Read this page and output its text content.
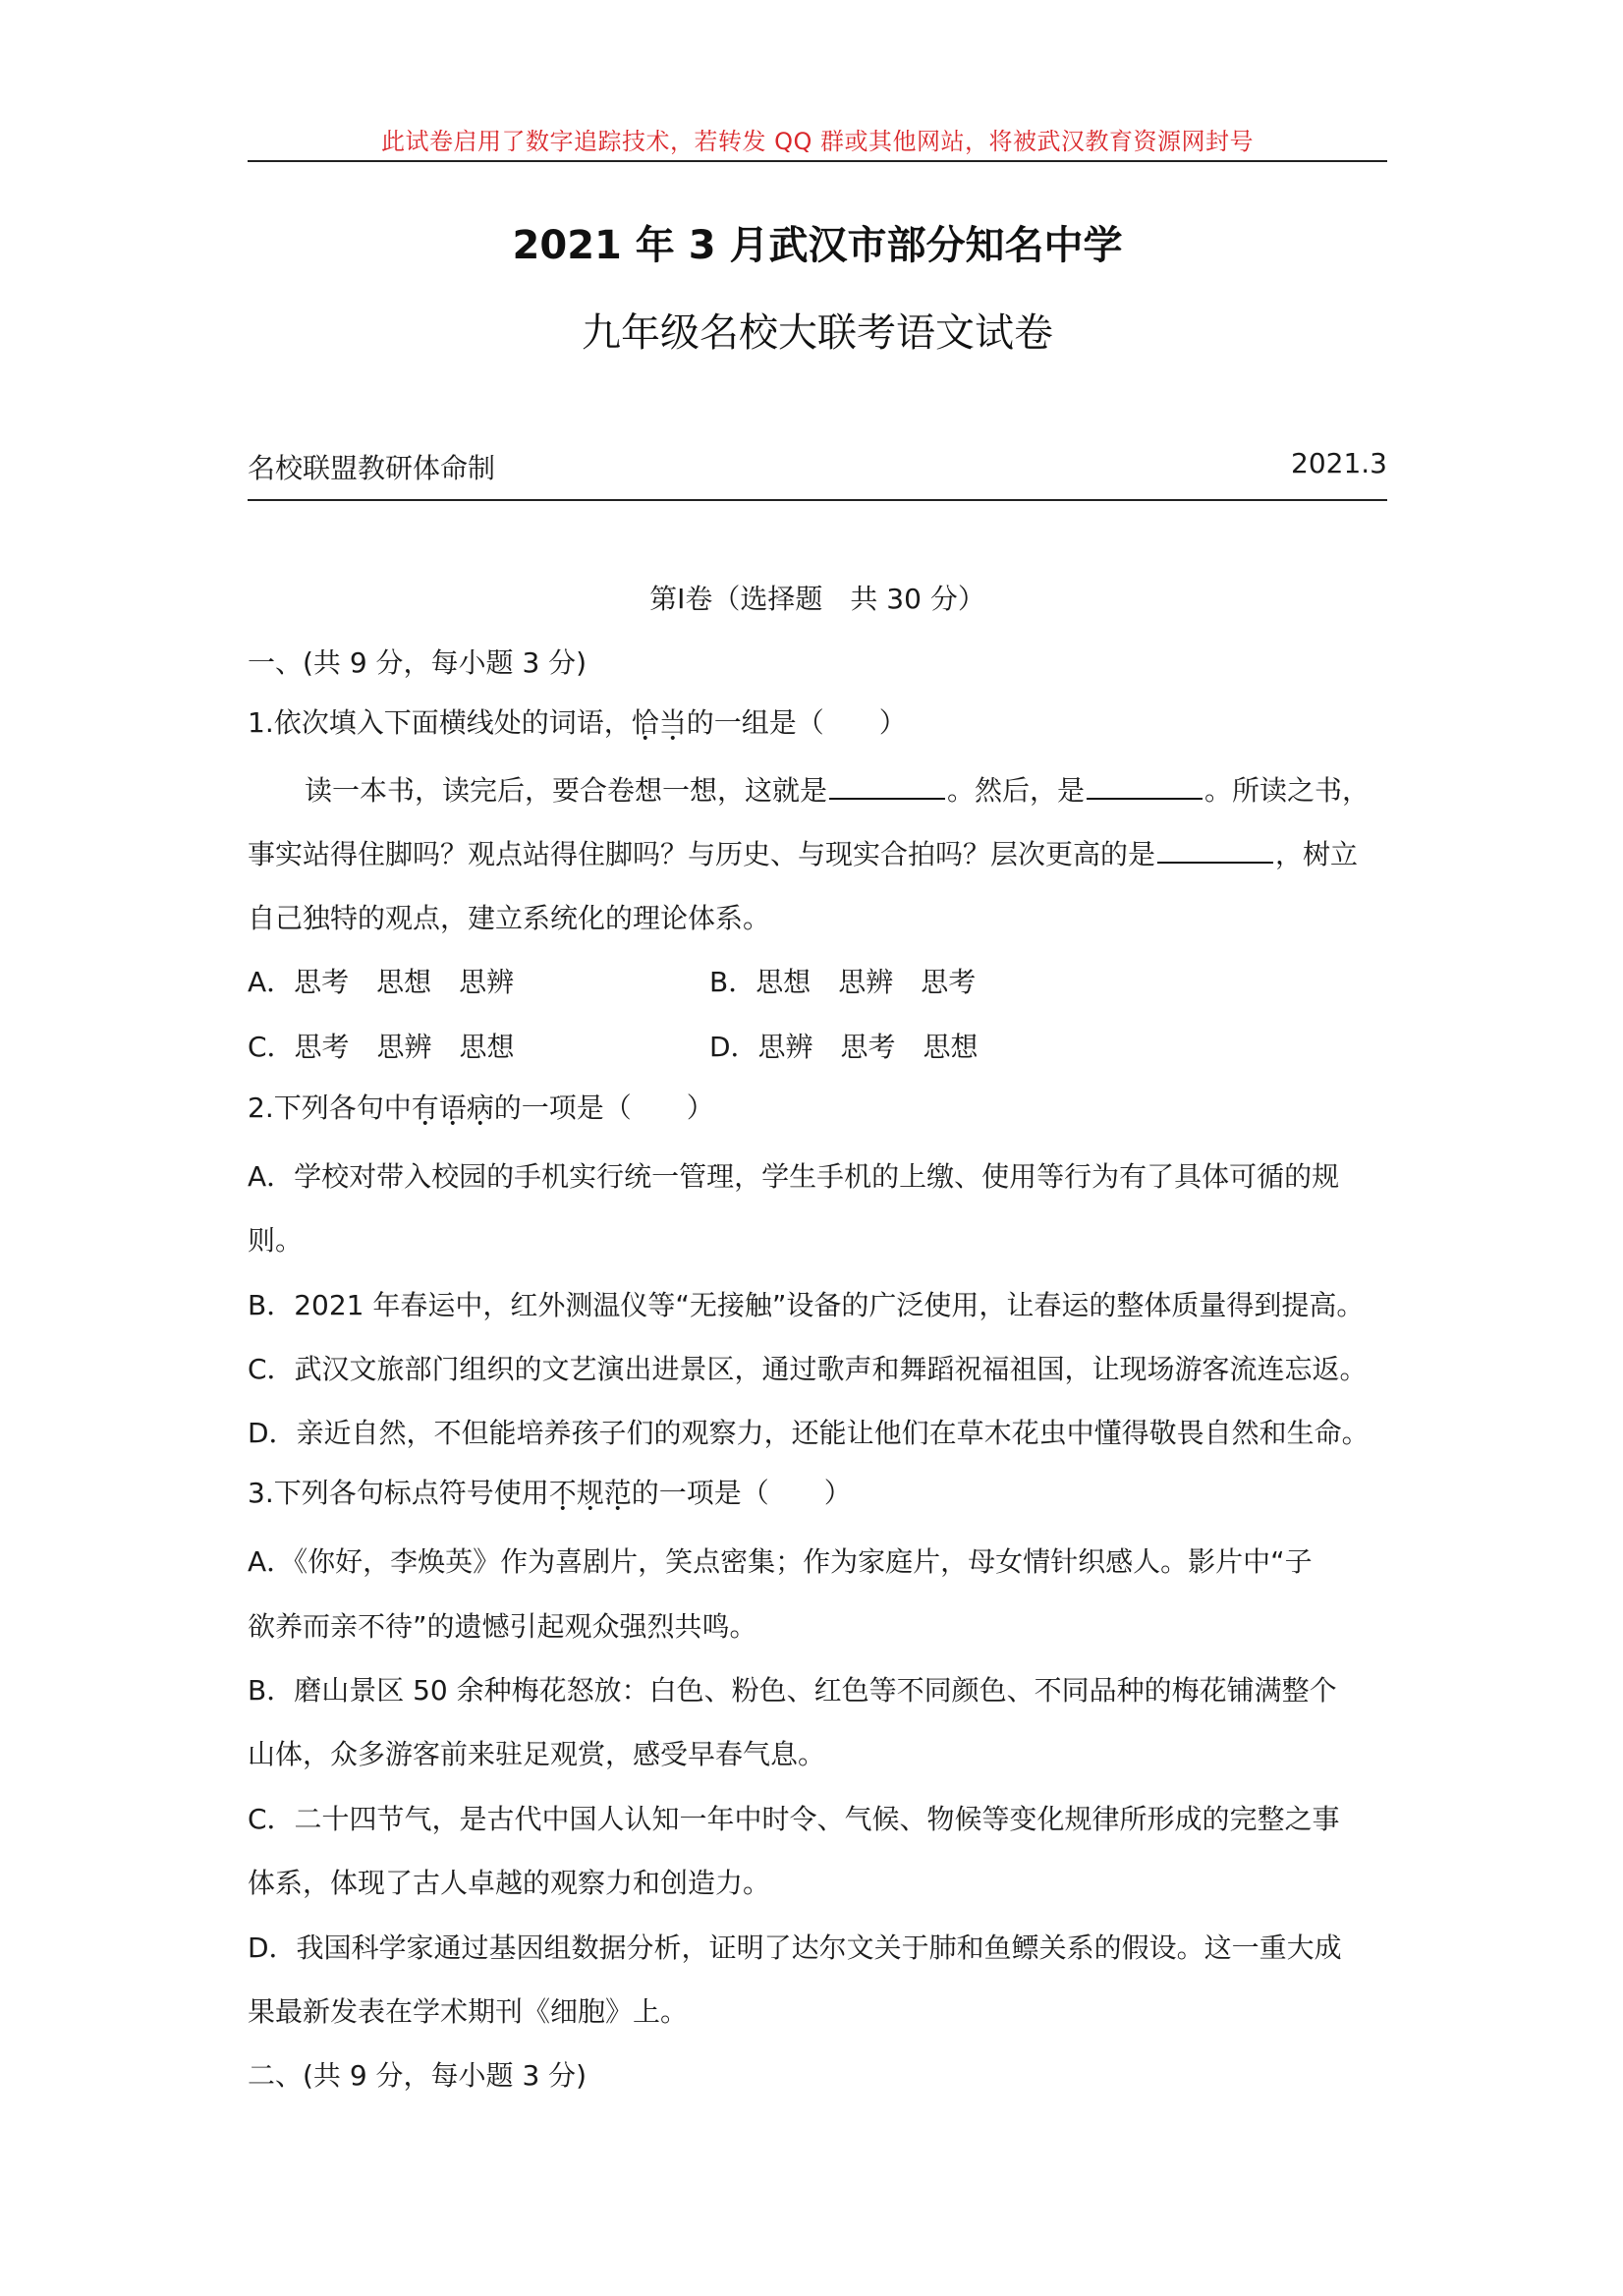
此试卷启用了数字追踪技术，若转发 QQ 群或其他网站，将被武汉教育资源网封号
2021 年 3 月武汉市部分知名中学
九年级名校大联考语文试卷
名校联盟教研体命制	2021.3
第Ⅰ卷（选择题　共 30 分）
一、(共 9 分，每小题 3 分)
1.依次填入下面横线处的词语，恰当的一组是（　　）
读一本书，读完后，要合卷想一想，这就是	。然后，是	。所读之书，
事实站得住脚吗？观点站得住脚吗？与历史、与现实合拍吗？层次更高的是	，树立
自己独特的观点，建立系统化的理论体系。
A．思考　思想　思辨	B．思想　思辨　思考
C．思考　思辨　思想	D．思辨　思考　思想
2.下列各句中有语病的一项是（　　）
A．学校对带入校园的手机实行统一管理，学生手机的上缴、使用等行为有了具体可循的规
则。
B．2021 年春运中，红外测温仪等“无接触”设备的广泛使用，让春运的整体质量得到提高。
C．武汉文旅部门组织的文艺演出进景区，通过歌声和舞蹈祝福祖国，让现场游客流连忘返。
D．亲近自然，不但能培养孩子们的观察力，还能让他们在草木花虫中懂得敬畏自然和生命。
3.下列各句标点符号使用不规范的一项是（　　）
A．《你好，李焕英》作为喜剧片，笑点密集；作为家庭片，母女情针织感人。影片中“子
欲养而亲不待”的遗憾引起观众强烈共鸣。
B．磨山景区 50 余种梅花怒放：白色、粉色、红色等不同颜色、不同品种的梅花铺满整个
山体，众多游客前来驻足观赏，感受早春气息。
C．二十四节气，是古代中国人认知一年中时令、气候、物候等变化规律所形成的完整之事
体系，体现了古人卓越的观察力和创造力。
D．我国科学家通过基因组数据分析，证明了达尔文关于肺和鱼鳔关系的假设。这一重大成
果最新发表在学术期刊《细胞》上。
二、(共 9 分，每小题 3 分)
